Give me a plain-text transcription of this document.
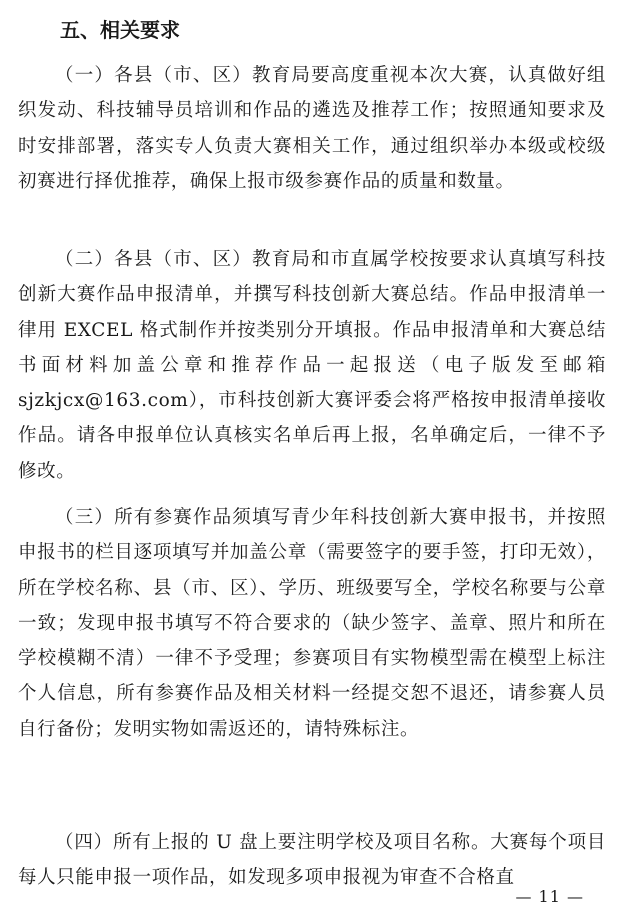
五、相关要求

（一）各县（市、区）教育局要高度重视本次大赛，认真做好组织发动、科技辅导员培训和作品的遴选及推荐工作；按照通知要求及时安排部署，落实专人负责大赛相关工作，通过组织举办本级或校级初赛进行择优推荐，确保上报市级参赛作品的质量和数量。

（二）各县（市、区）教育局和市直属学校按要求认真填写科技创新大赛作品申报清单，并撰写科技创新大赛总结。作品申报清单一律用 EXCEL 格式制作并按类别分开填报。作品申报清单和大赛总结书面材料加盖公章和推荐作品一起报送（电子版发至邮箱 sjzkjcx@163.com），市科技创新大赛评委会将严格按申报清单接收作品。请各申报单位认真核实名单后再上报，名单确定后，一律不予修改。

（三）所有参赛作品须填写青少年科技创新大赛申报书，并按照申报书的栏目逐项填写并加盖公章（需要签字的要手签，打印无效），所在学校名称、县（市、区）、学历、班级要写全，学校名称要与公章一致；发现申报书填写不符合要求的（缺少签字、盖章、照片和所在学校模糊不清）一律不予受理；参赛项目有实物模型需在模型上标注个人信息，所有参赛作品及相关材料一经提交恕不退还，请参赛人员自行备份；发明实物如需返还的，请特殊标注。

（四）所有上报的 U 盘上要注明学校及项目名称。大赛每个项目每人只能申报一项作品，如发现多项申报视为审查不合格直

— 11 —
